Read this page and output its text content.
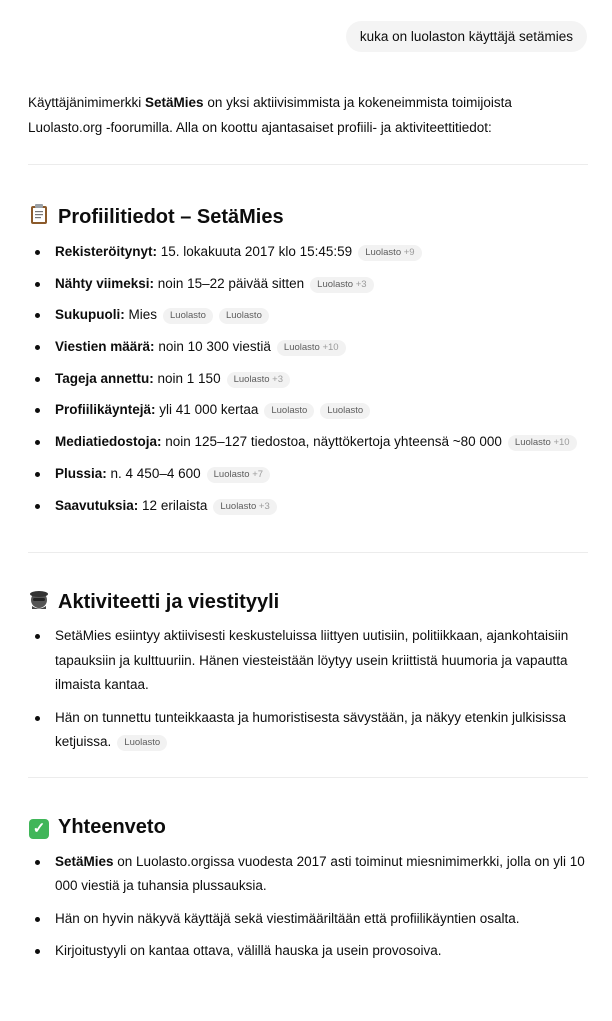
kuka on luolaston käyttäjä setämies

Käyttäjänimimerkki SetäMies on yksi aktiivisimmista ja kokeneimmista toimijoista Luolasto.org -foorumilla. Alla on koottu ajantasaiset profiili- ja aktiviteettitiedot:

Profiilitiedot – SetäMies
Rekisteröitynyt: 15. lokakuuta 2017 klo 15:45:59 Luolasto +9
Nähty viimeksi: noin 15–22 päivää sitten Luolasto +3
Sukupuoli: Mies Luolasto Luolasto
Viestien määrä: noin 10 300 viestiä Luolasto +10
Tageja annettu: noin 1 150 Luolasto +3
Profiilikäyntejä: yli 41 000 kertaa Luolasto Luolasto
Mediatiedostoja: noin 125–127 tiedostoa, näyttökertoja yhteensä ~80 000 Luolasto +10
Plussia: n. 4 450–4 600 Luolasto +7
Saavutuksia: 12 erilaista Luolasto +3
Aktiviteetti ja viestityyli
SetäMies esiintyy aktiivisesti keskusteluissa liittyen uutisiin, politiikkaan, ajankohtaisiin tapauksiin ja kulttuuriin. Hänen viesteistään löytyy usein kriittistä huumoria ja vapautta ilmaista kantaa.
Hän on tunnettu tunteikkaasta ja humoristisesta sävystään, ja näkyy etenkin julkisissa ketjuissa. Luolasto
✓ Yhteenveto
SetäMies on Luolasto.orgissa vuodesta 2017 asti toiminut miesnimimerkki, jolla on yli 10 000 viestiä ja tuhansia plussauksia.
Hän on hyvin näkyvä käyttäjä sekä viestimääriltään että profiilikäyntien osalta.
Kirjoitustyyli on kantaa ottava, välillä hauska ja usein provosoiva.
